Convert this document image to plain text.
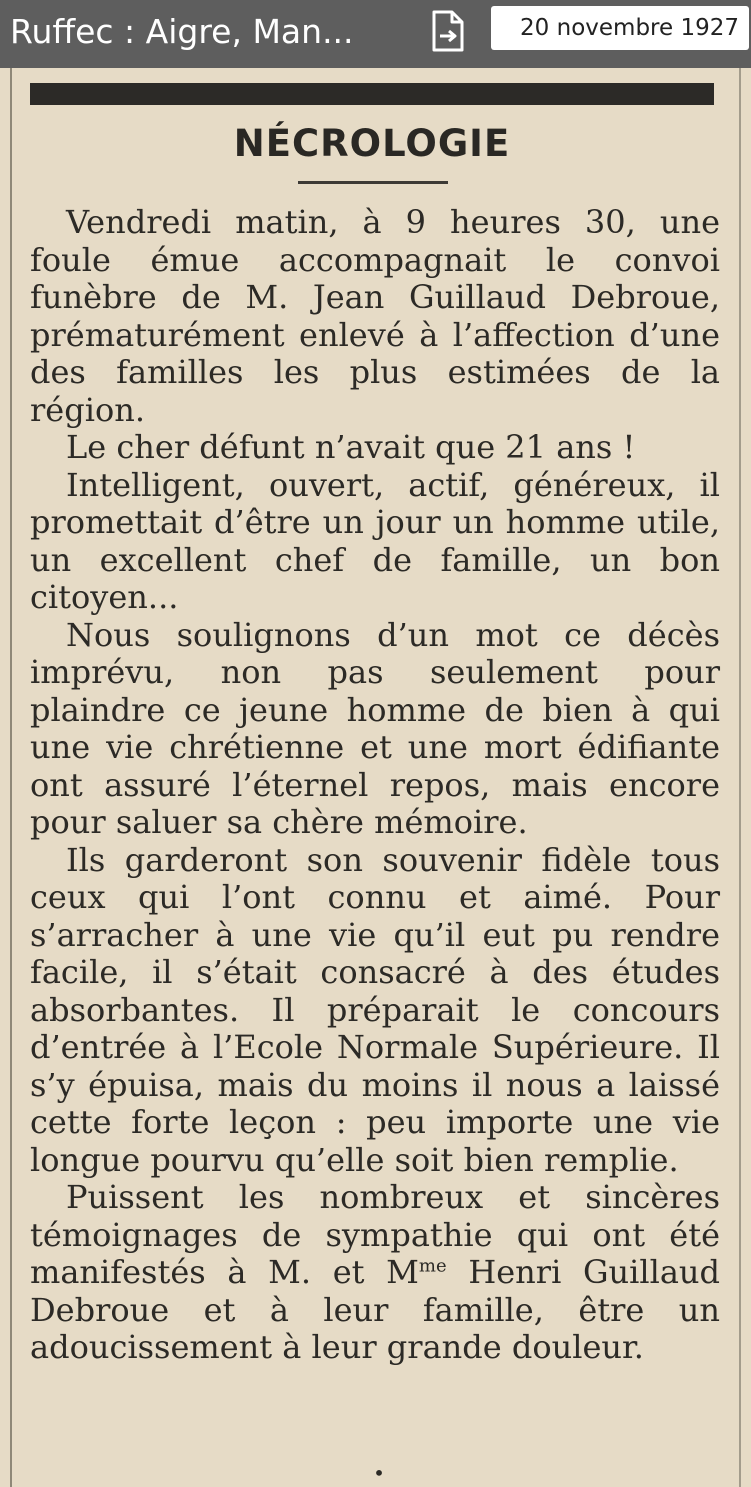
Ruffec : Aigre, Man...	20 novembre 1927
NÉCROLOGIE

Vendredi matin, à 9 heures 30, une foule émue accompagnait le convoi funèbre de M. Jean Guillaud Debroue, prématurément enlevé à l’affection d’une des familles les plus estimées de la région.

Le cher défunt n’avait que 21 ans !

Intelligent, ouvert, actif, généreux, il promettait d’être un jour un homme utile, un excellent chef de famille, un bon citoyen...

Nous soulignons d’un mot ce décès imprévu, non pas seulement pour plaindre ce jeune homme de bien à qui une vie chrétienne et une mort édifiante ont assuré l’éternel repos, mais encore pour saluer sa chère mémoire.

Ils garderont son souvenir fidèle tous ceux qui l’ont connu et aimé. Pour s’arracher à une vie qu’il eut pu rendre facile, il s’était consacré à des études absorbantes. Il préparait le concours d’entrée à l’Ecole Normale Supérieure. Il s’y épuisa, mais du moins il nous a laissé cette forte leçon : peu importe une vie longue pourvu qu’elle soit bien remplie.

Puissent les nombreux et sincères témoignages de sympathie qui ont été manifestés à M. et $M^{me}$ Henri Guillaud Debroue et à leur famille, être un adoucissement à leur grande douleur.

•
